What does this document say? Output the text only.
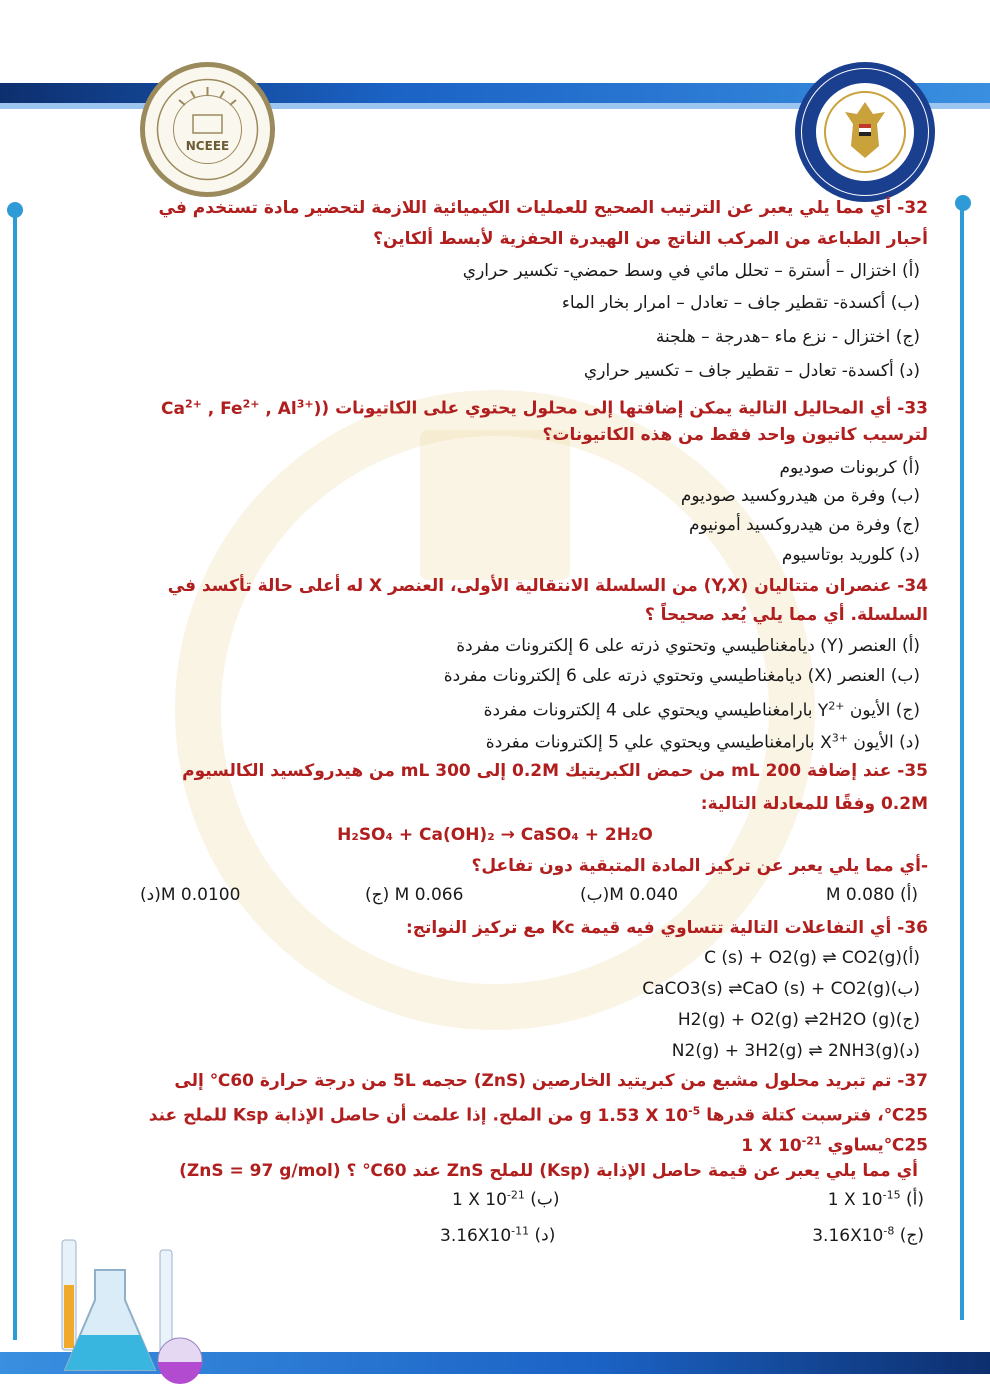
NCEEE
32- أي مما يلي يعبر عن الترتيب الصحيح للعمليات الكيميائية اللازمة لتحضير مادة تستخدم في
أحبار الطباعة من المركب الناتج من الهيدرة الحفزية لأبسط ألكاين؟
(أ) اختزال – أسترة – تحلل مائي في وسط حمضي- تكسير حراري
(ب) أكسدة- تقطير جاف – تعادل – امرار بخار الماء
(ج) اختزال - نزع ماء –هدرجة – هلجنة
(د) أكسدة- تعادل – تقطير جاف – تكسير حراري
33- أي المحاليل التالية يمكن إضافتها إلى محلول يحتوي على الكاتيونات ($Ca^{2+}$ , $Fe^{2+}$ , $Al^{3+}$)
لترسيب كاتيون واحد فقط من هذه الكاتيونات؟
(أ) كربونات صوديوم
(ب) وفرة من هيدروكسيد صوديوم
(ج) وفرة من هيدروكسيد أمونيوم
(د) كلوريد بوتاسيوم
34- عنصران متتاليان (Y,X) من السلسلة الانتقالية الأولى، العنصر X له أعلى حالة تأكسد في
السلسلة. أي مما يلي يُعد صحيحاً ؟
(أ) العنصر (Y) ديامغناطيسي وتحتوي ذرته على 6 إلكترونات مفردة
(ب) العنصر (X) ديامغناطيسي وتحتوي ذرته على 6 إلكترونات مفردة
(ج) الأيون $Y^{2+}$ بارامغناطيسي ويحتوي على 4 إلكترونات مفردة
(د) الأيون $X^{3+}$ بارامغناطيسي ويحتوي علي 5 إلكترونات مفردة
35- عند إضافة 200 mL من حمض الكبريتيك 0.2M إلى 300 mL من هيدروكسيد الكالسيوم
0.2M وفقًا للمعادلة التالية:
H₂SO₄ + Ca(OH)₂ → CaSO₄ + 2H₂O
-أي مما يلي يعبر عن تركيز المادة المتبقية دون تفاعل؟
(أ) 0.080 M
0.040 M(ب)
0.066 M (ج)
0.0100 M(د)
36- أي التفاعلات التالية تتساوي فيه قيمة Kc مع تركيز النواتج:
(أ)C (s) + O2(g) ⇌ CO2(g)
(ب)CaCO3(s) ⇌CaO (s) + CO2(g)
(ج)H2(g) + O2(g) ⇌2H2O (g)
(د)N2(g) + 3H2(g) ⇌ 2NH3(g)
37- تم تبريد محلول مشبع من كبريتيد الخارصين (ZnS) حجمه 5L من درجة حرارة 60℃ إلى
25℃، فترسبت كتلة قدرها g 1.53 X $10^{-5}$ من الملح. إذا علمت أن حاصل الإذابة Ksp للملح عند
25℃يساوي 1 X $10^{-21}$
أي مما يلي يعبر عن قيمة حاصل الإذابة (Ksp) للملح ZnS عند 60℃ ؟ (ZnS = 97 g/mol)
(أ) 1 X $10^{-15}$
(ب) 1 X $10^{-21}$
(ج) $3.16X10^{-8}$
(د) $3.16X10^{-11}$
